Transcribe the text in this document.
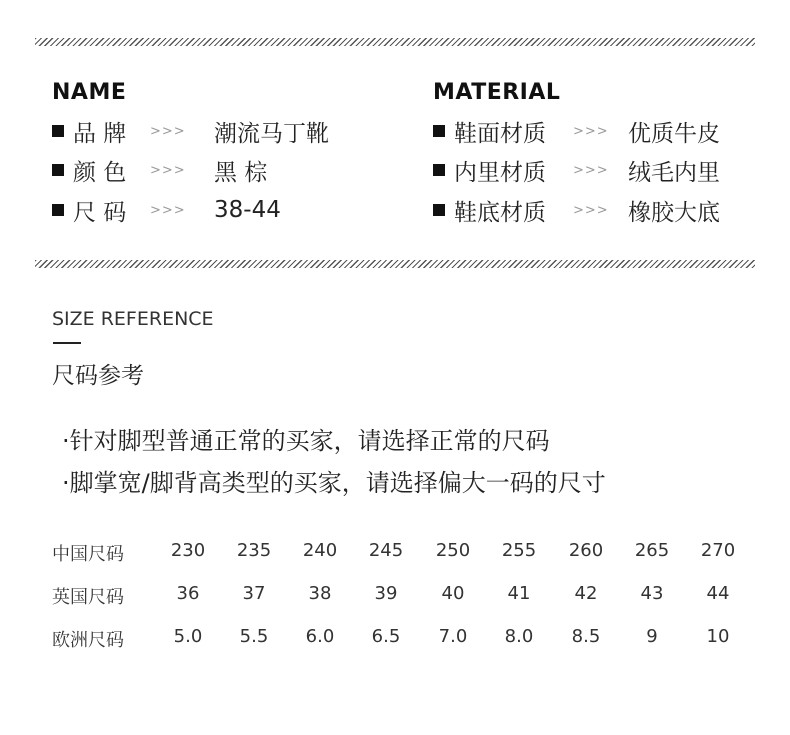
NAME
品 牌 >>> 潮流马丁靴
颜 色 >>> 黑 棕
尺 码 >>> 38-44
MATERIAL
鞋面材质 >>> 优质牛皮
内里材质 >>> 绒毛内里
鞋底材质 >>> 橡胶大底
SIZE REFERENCE
尺码参考
·针对脚型普通正常的买家，请选择正常的尺码
·脚掌宽/脚背高类型的买家，请选择偏大一码的尺寸
中国尺码	230	235	240	245	250	255	260	265	270
英国尺码	36	37	38	39	40	41	42	43	44
欧洲尺码	5.0	5.5	6.0	6.5	7.0	8.0	8.5	9	10
